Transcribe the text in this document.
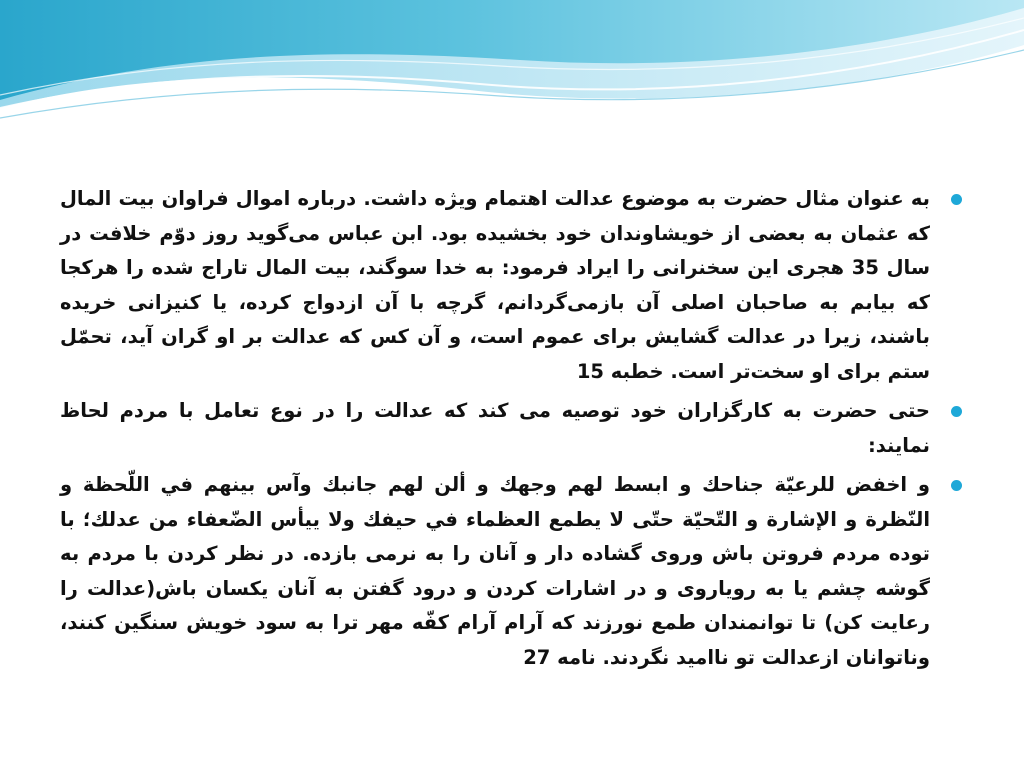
به عنوان مثال حضرت به موضوع عدالت اهتمام ویژه داشت. درباره اموال فراوان بیت المال که عثمان به بعضی از خویشاوندان خود بخشیده بود. ابن عباس می‌گوید روز دوّم خلافت در سال 35 هجری این سخنرانی را ایراد فرمود: به خدا سوگند، بیت المال تاراج شده را هرکجا که بیابم به صاحبان اصلی آن بازمی‌گردانم، گرچه با آن ازدواج کرده، یا کنیزانی خریده باشند، زیرا در عدالت گشایش برای عموم است، و آن کس که عدالت بر او گران آید، تحمّل ستم برای او سخت‌تر است. خطبه 15
حتی حضرت به کارگزاران خود توصیه می کند که عدالت را در نوع تعامل با مردم لحاظ نمایند:
و اخفض للرعيّة جناحك و ابسط لهم وجهك و ألن لهم جانبك وآس بينهم في اللّحظة و النّظرة و الإشارة و التّحيّة حتّى لا يطمع العظماء في حيفك ولا ييأس الضّعفاء من عدلك؛ با توده مردم فروتن باش وروی گشاده دار و آنان را به نرمی بازده. در نظر کردن با مردم به گوشه چشم یا به رویاروی و در اشارات کردن و درود گفتن به آنان یکسان باش(عدالت را رعایت کن) تا توانمندان طمع نورزند که آرام آرام کفّه مهر ترا به سود خویش سنگین کنند، وناتوانان ازعدالت تو ناامید نگردند. نامه 27
